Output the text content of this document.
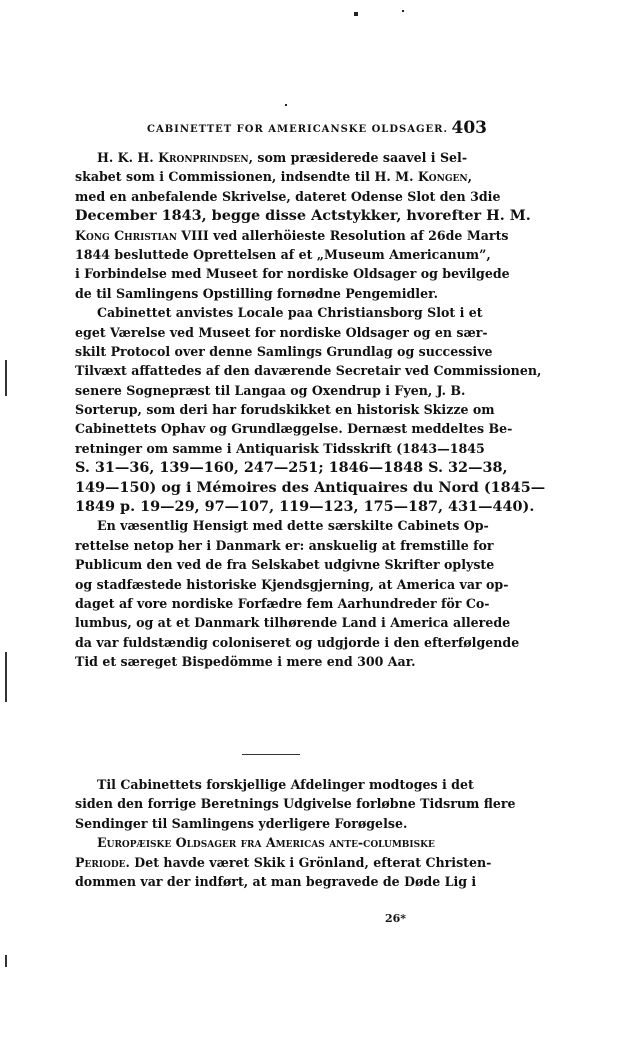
CABINETTET FOR AMERICANSKE OLDSAGER. 403
H. K. H. Kronprindsen, som præsiderede saavel i Sel-
skabet som i Commissionen, indsendte til H. M. Kongen,
med en anbefalende Skrivelse, dateret Odense Slot den 3die
December 1843, begge disse Actstykker, hvorefter H. M.
Kong Christian VIII ved allerhöieste Resolution af 26de Marts
1844 besluttede Oprettelsen af et „Museum Americanum”,
i Forbindelse med Museet for nordiske Oldsager og bevilgede
de til Samlingens Opstilling fornødne Pengemidler.
Cabinettet anvistes Locale paa Christiansborg Slot i et
eget Værelse ved Museet for nordiske Oldsager og en sær-
skilt Protocol over denne Samlings Grundlag og successive
Tilvæxt affattedes af den daværende Secretair ved Commissionen,
senere Sognepræst til Langaa og Oxendrup i Fyen, J. B.
Sorterup, som deri har forudskikket en historisk Skizze om
Cabinettets Ophav og Grundlæggelse. Dernæst meddeltes Be-
retninger om samme i Antiquarisk Tidsskrift (1843—1845
S. 31—36, 139—160, 247—251; 1846—1848 S. 32—38,
149—150) og i Mémoires des Antiquaires du Nord (1845—
1849 p. 19—29, 97—107, 119—123, 175—187, 431—440).
En væsentlig Hensigt med dette særskilte Cabinets Op-
rettelse netop her i Danmark er: anskuelig at fremstille for
Publicum den ved de fra Selskabet udgivne Skrifter oplyste
og stadfæstede historiske Kjendsgjerning, at America var op-
daget af vore nordiske Forfædre fem Aarhundreder för Co-
lumbus, og at et Danmark tilhørende Land i America allerede
da var fuldstændig coloniseret og udgjorde i den efterfølgende
Tid et særeget Bispedömme i mere end 300 Aar.
Til Cabinettets forskjellige Afdelinger modtoges i det
siden den forrige Beretnings Udgivelse forløbne Tidsrum flere
Sendinger til Samlingens yderligere Forøgelse.
Europæiske Oldsager fra Americas ante-columbiske
Periode. Det havde været Skik i Grönland, efterat Christen-
dommen var der indført, at man begravede de Døde Lig i
26*
